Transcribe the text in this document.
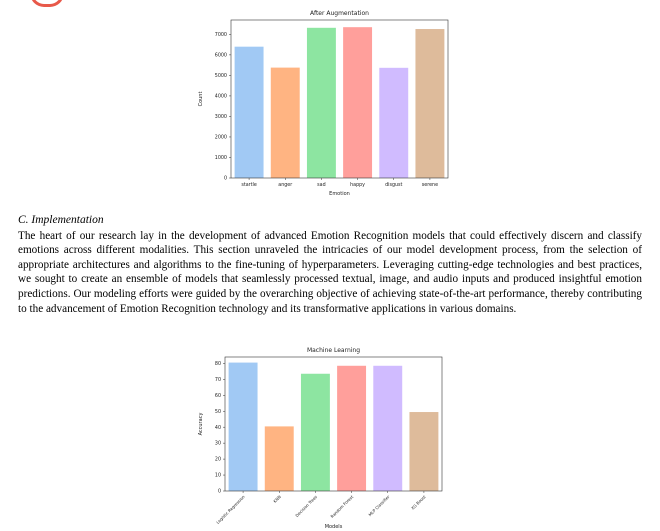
After Augmentation
startle	anger	sad	happy	disgust	serene
0
1000
2000
3000
4000
5000
6000
7000
Emotion
Count

C. Implementation

The heart of our research lay in the development of advanced Emotion Recognition models that could effectively discern and classify emotions across different modalities. This section unraveled the intricacies of our model development process, from the selection of appropriate architectures and algorithms to the fine-tuning of hyperparameters. Leveraging cutting-edge technologies and best practices, we sought to create an ensemble of models that seamlessly processed textual, image, and audio inputs and produced insightful emotion predictions. Our modeling efforts were guided by the overarching objective of achieving state-of-the-art performance, thereby contributing to the advancement of Emotion Recognition technology and its transformative applications in various domains.

Machine Learning
Logistic Regression	KNN	Decision Trees	Random Forest	MLP Classifier	XG Boost
0
10
20
30
40
50
60
70
80
Models
Accuracy
